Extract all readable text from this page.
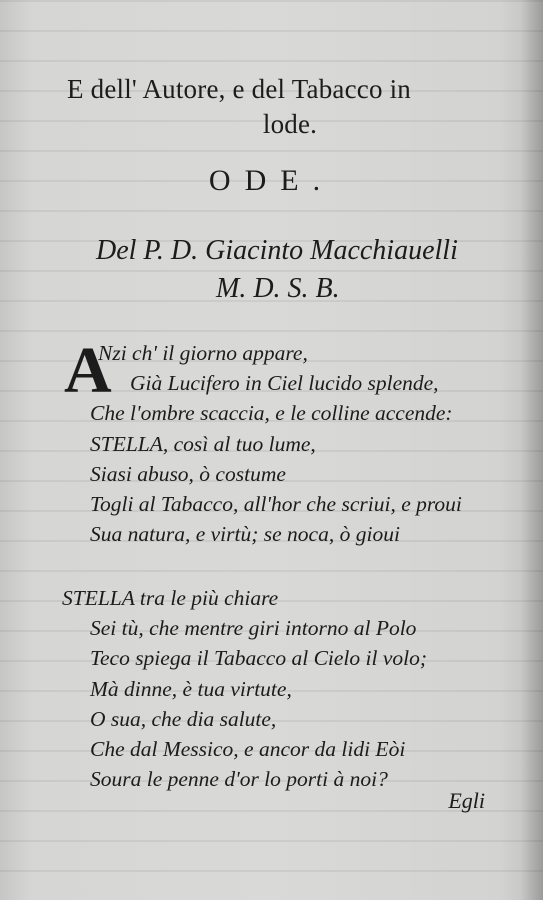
E dell' Autore, e del Tabacco in
lode.
ODE.
Del P. D. Giacinto Macchiauelli
M. D. S. B.
A
Nzi ch' il giorno appare,
Già Lucifero in Ciel lucido splende,
Che l'ombre scaccia, e le colline accende:
STELLA, così al tuo lume,
Siasi abuso, ò costume
Togli al Tabacco, all'hor che scriui, e proui
Sua natura, e virtù; se noca, ò gioui
STELLA tra le più chiare
Sei tù, che mentre giri intorno al Polo
Teco spiega il Tabacco al Cielo il volo;
Mà dinne, è tua virtute,
O sua, che dia salute,
Che dal Messico, e ancor da lidi Eòi
Soura le penne d'or lo porti à noi?
Egli
